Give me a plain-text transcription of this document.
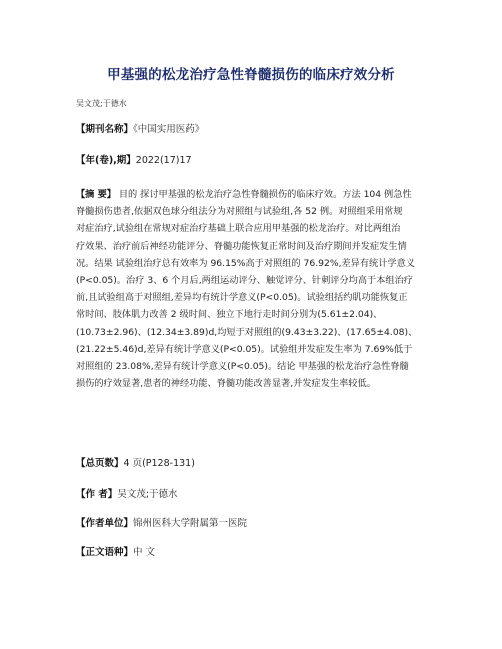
甲基强的松龙治疗急性脊髓损伤的临床疗效分析
吴文茂;于德水
【期刊名称】《中国实用医药》
【年(卷),期】2022(17)17
【摘 要】 目的 探讨甲基强的松龙治疗急性脊髓损伤的临床疗效。方法 104 例急性
脊髓损伤患者,依据双色球分组法分为对照组与试验组,各 52 例。对照组采用常规
对症治疗,试验组在常规对症治疗基础上联合应用甲基强的松龙治疗。对比两组治
疗效果、治疗前后神经功能评分、脊髓功能恢复正常时间及治疗期间并发症发生情
况。结果 试验组治疗总有效率为 96.15%高于对照组的 76.92%,差异有统计学意义
(P<0.05)。治疗 3、6 个月后,两组运动评分、触觉评分、针刺评分均高于本组治疗
前,且试验组高于对照组,差异均有统计学意义(P<0.05)。试验组括约肌功能恢复正
常时间、肢体肌力改善 2 级时间、独立下地行走时间分别为(5.61±2.04)、
(10.73±2.96)、(12.34±3.89)d,均短于对照组的(9.43±3.22)、(17.65±4.08)、
(21.22±5.46)d,差异有统计学意义(P<0.05)。试验组并发症发生率为 7.69%低于
对照组的 23.08%,差异有统计学意义(P<0.05)。结论 甲基强的松龙治疗急性脊髓
损伤的疗效显著,患者的神经功能、脊髓功能改善显著,并发症发生率较低。
【总页数】4 页(P128-131)
【作 者】吴文茂;于德水
【作者单位】锦州医科大学附属第一医院
【正文语种】中 文
